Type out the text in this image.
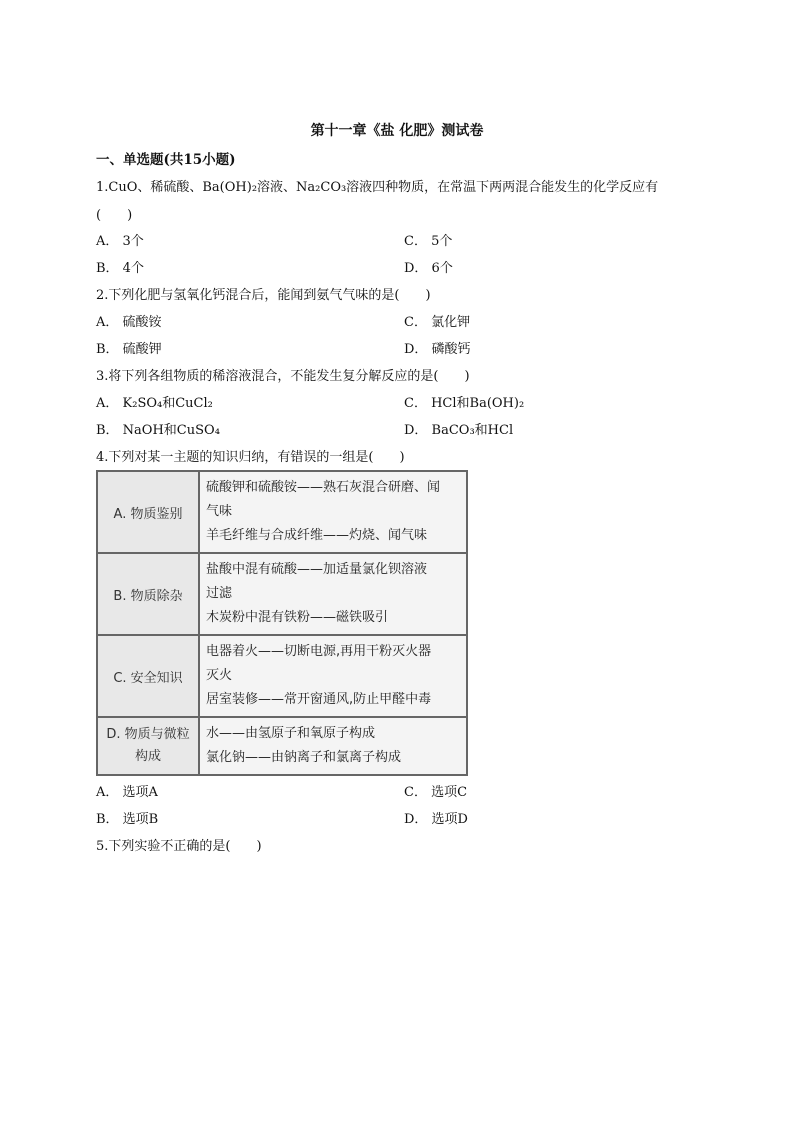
第十一章《盐 化肥》测试卷
一、单选题(共15小题)
1.CuO、稀硫酸、Ba(OH)₂溶液、Na₂CO₃溶液四种物质，在常温下两两混合能发生的化学反应有
(　　)
A． 3个	C． 5个
B． 4个	D． 6个
2.下列化肥与氢氧化钙混合后，能闻到氨气气味的是(　　)
A． 硫酸铵	C． 氯化钾
B． 硫酸钾	D． 磷酸钙
3.将下列各组物质的稀溶液混合，不能发生复分解反应的是(　　)
A． K₂SO₄和CuCl₂	C． HCl和Ba(OH)₂
B． NaOH和CuSO₄	D． BaCO₃和HCl
4.下列对某一主题的知识归纳，有错误的一组是(　　)
A. 物质鉴别	硫酸钾和硫酸铵——熟石灰混合研磨、闻
气味
羊毛纤维与合成纤维——灼烧、闻气味

B. 物质除杂	盐酸中混有硫酸——加适量氯化钡溶液
过滤
木炭粉中混有铁粉——磁铁吸引

C. 安全知识	电器着火——切断电源,再用干粉灭火器
灭火
居室装修——常开窗通风,防止甲醛中毒

D. 物质与微粒构成	水——由氢原子和氧原子构成
氯化钠——由钠离子和氯离子构成
A． 选项A	C． 选项C
B． 选项B	D． 选项D
5.下列实验不正确的是(　　)
